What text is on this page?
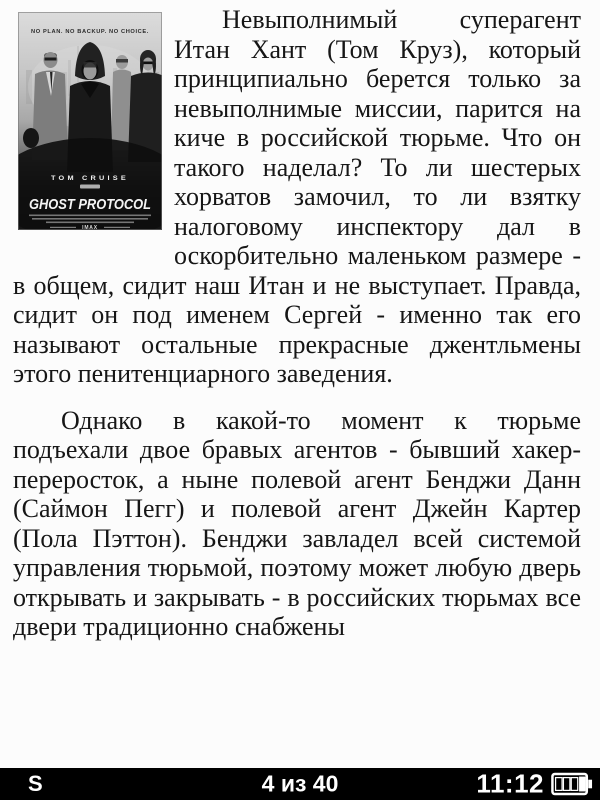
NO PLAN. NO BACKUP. NO CHOICE.
TOM CRUISE
GHOST PROTOCOL
IMAX

Невыполнимый суперагент Итан Хант (Том Круз), который принципиально берется только за невыполнимые миссии, парится на киче в российской тюрьме. Что он такого наделал? То ли шестерых хорватов замочил, то ли взятку налоговому инспектору дал в оскорбительно маленьком размере - в общем, сидит наш Итан и не выступает. Правда, сидит он под именем Сергей - именно так его называют остальные прекрасные джентльмены этого пенитенциарного заведения.

Однако в какой-то момент к тюрьме подъехали двое бравых агентов - бывший хакер-переросток, а ныне полевой агент Бенджи Данн (Саймон Пегг) и полевой агент Джейн Картер (Пола Пэттон). Бенджи завладел всей системой управления тюрьмой, поэтому может любую дверь открывать и закрывать - в российских тюрьмах все двери традиционно снабжены

S	4 из 40	11:12
